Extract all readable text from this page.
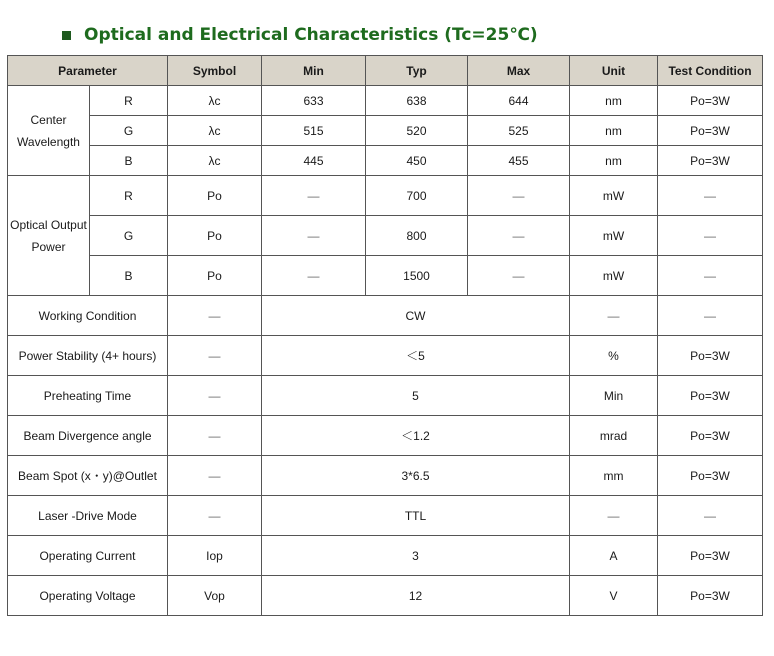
Optical and Electrical Characteristics (Tc=25℃)
Parameter		Symbol	Min	Typ	Max	Unit	Test Condition

Center
Wavelength	R	λc	633	638	644	nm	Po=3W
	G	λc	515	520	525	nm	Po=3W
	B	λc	445	450	455	nm	Po=3W

Optical Output
Power	R	Po	—	700	—	mW	—
	G	Po	—	800	—	mW	—
	B	Po	—	1500	—	mW	—
Working Condition		—	CW			—	—
Power Stability (4+ hours)		—	＜5			%	Po=3W
Preheating Time		—	5			Min	Po=3W
Beam Divergence angle		—	＜1.2			mrad	Po=3W
Beam Spot (x・y)@Outlet		—	3*6.5			mm	Po=3W
Laser -Drive Mode		—	TTL			—	—
Operating Current		Iop	3			A	Po=3W
Operating Voltage		Vop	12			V	Po=3W
